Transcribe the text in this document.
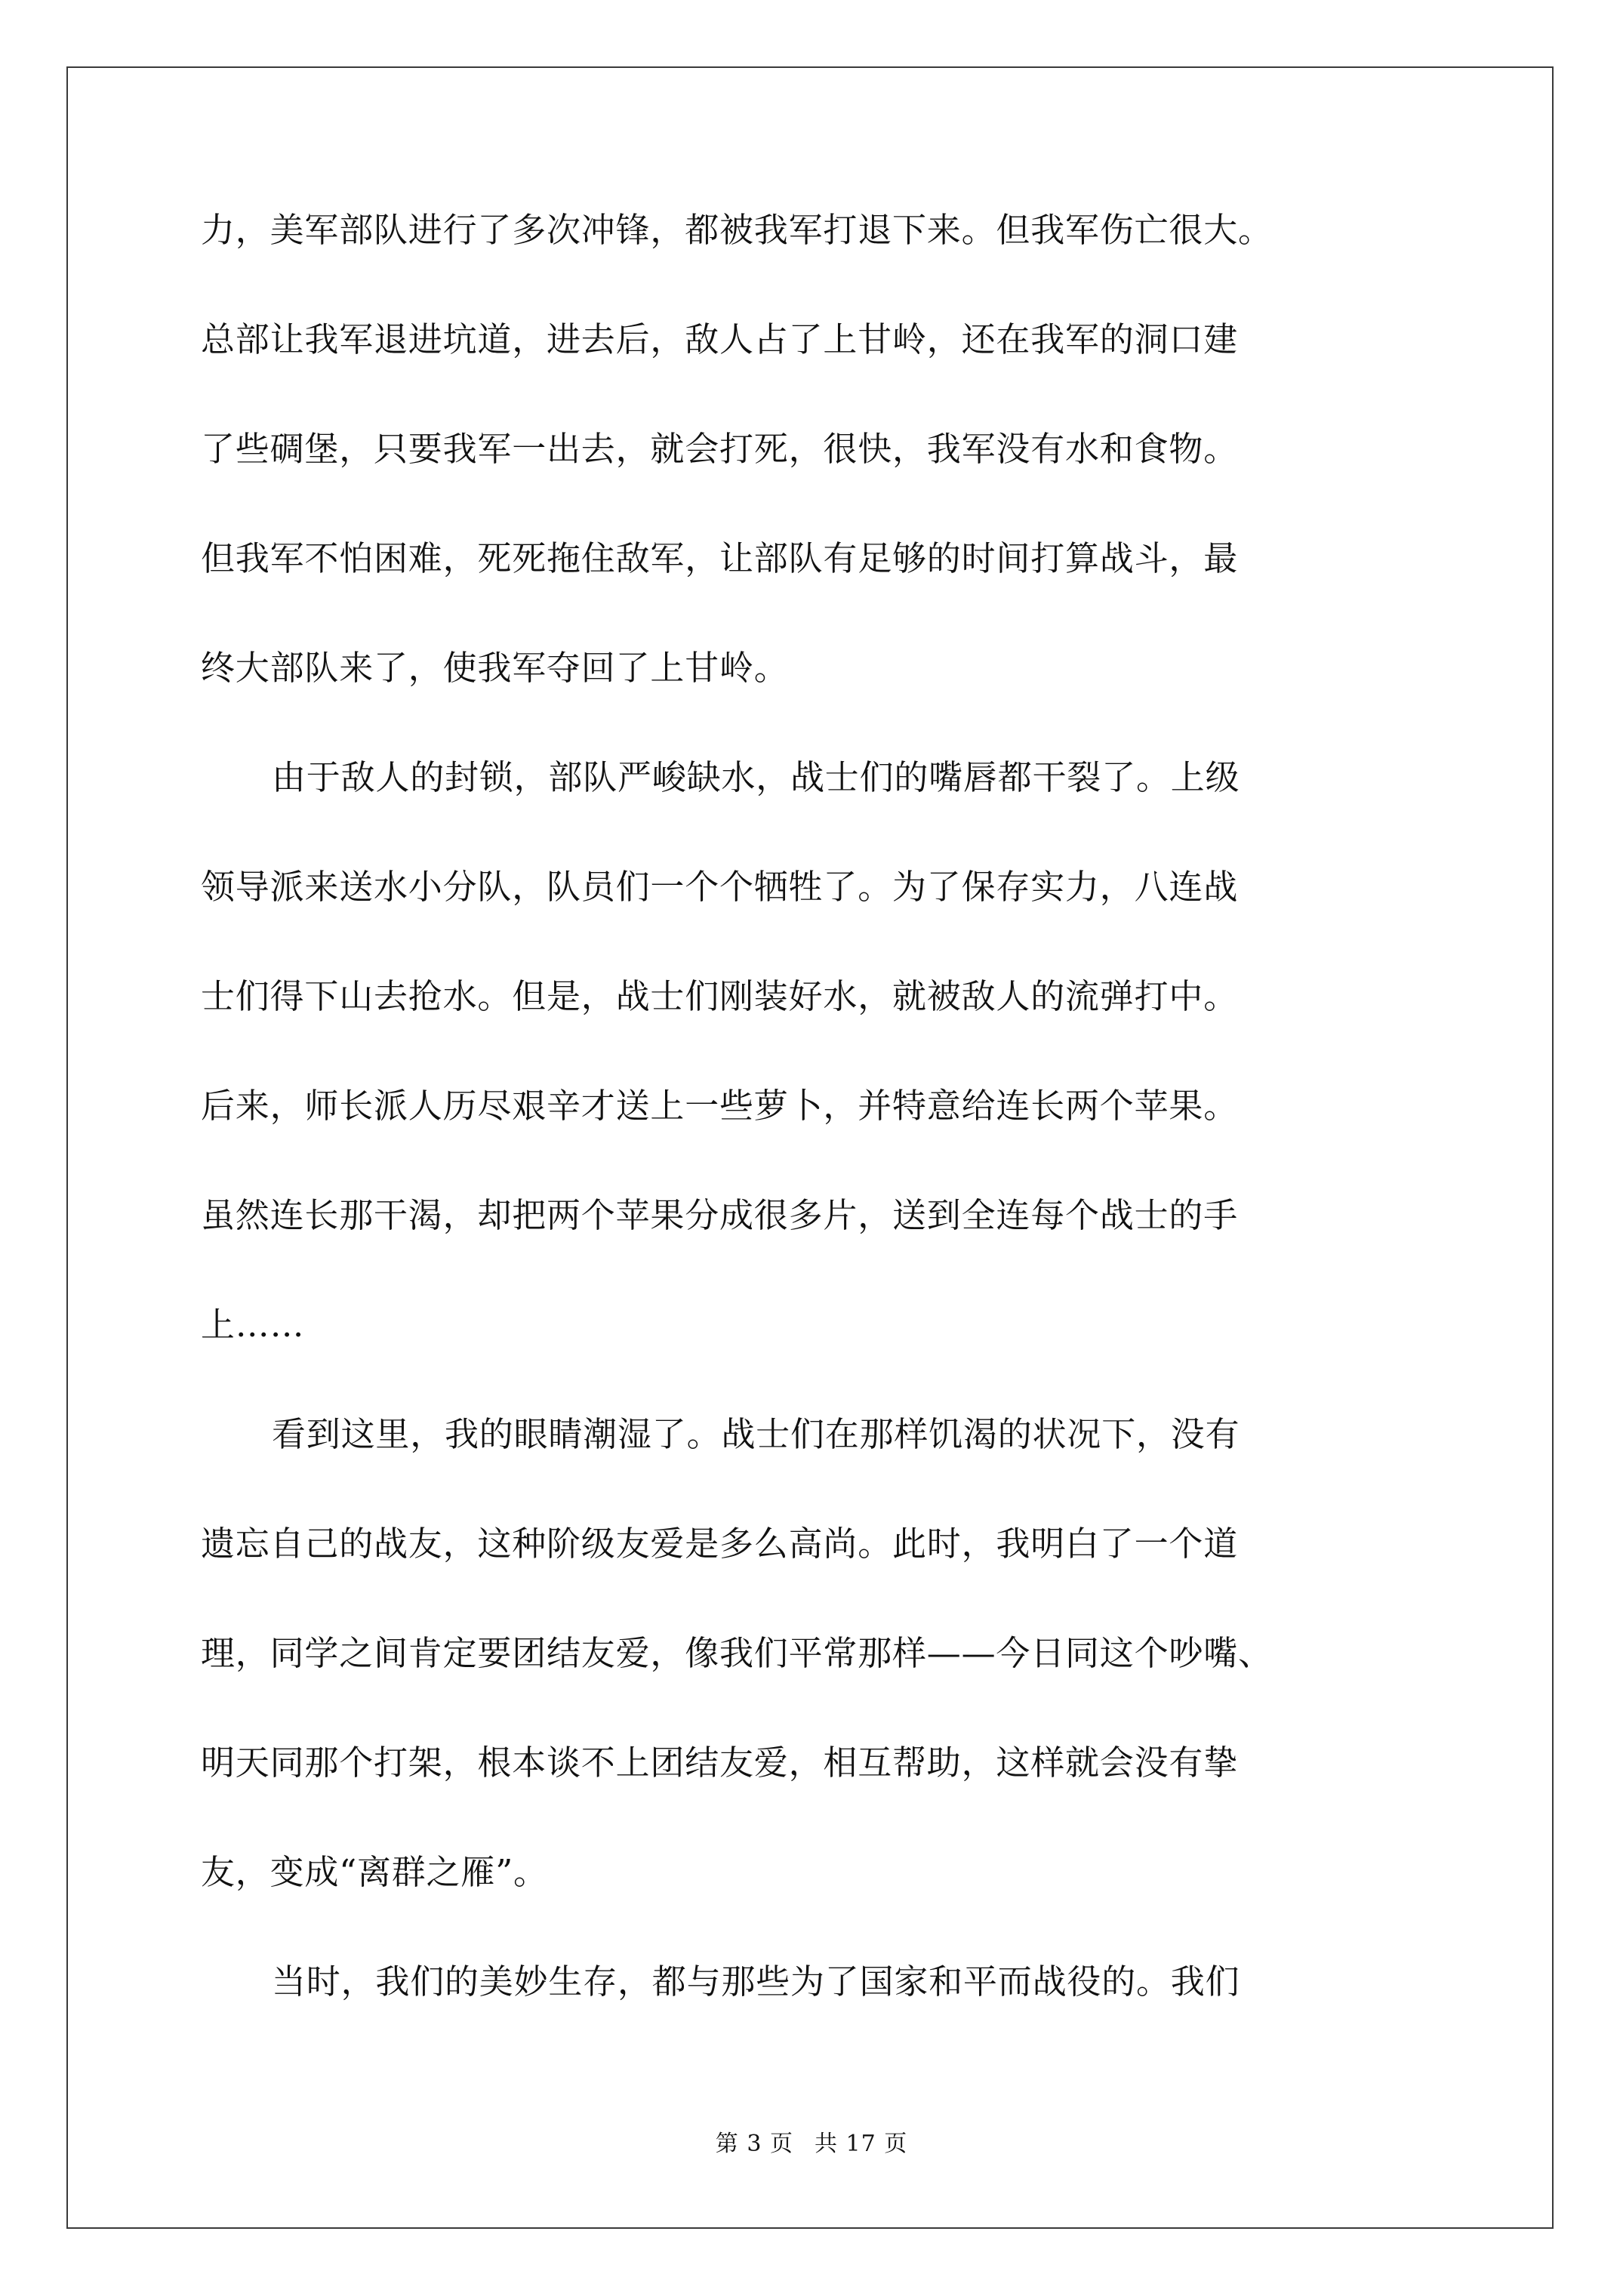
力，美军部队进行了多次冲锋，都被我军打退下来。但我军伤亡很大。
总部让我军退进坑道，进去后，敌人占了上甘岭，还在我军的洞口建
了些碉堡，只要我军一出去，就会打死，很快，我军没有水和食物。
但我军不怕困难，死死拖住敌军，让部队有足够的时间打算战斗，最
终大部队来了，使我军夺回了上甘岭。
由于敌人的封锁，部队严峻缺水，战士们的嘴唇都干裂了。上级
领导派来送水小分队，队员们一个个牺牲了。为了保存实力，八连战
士们得下山去抢水。但是，战士们刚装好水，就被敌人的流弹打中。
后来，师长派人历尽艰辛才送上一些萝卜，并特意给连长两个苹果。
虽然连长那干渴，却把两个苹果分成很多片，送到全连每个战士的手
上……
看到这里，我的眼睛潮湿了。战士们在那样饥渴的状况下，没有
遗忘自己的战友，这种阶级友爱是多么高尚。此时，我明白了一个道
理，同学之间肯定要团结友爱，像我们平常那样——今日同这个吵嘴、
明天同那个打架，根本谈不上团结友爱，相互帮助，这样就会没有挚
友，变成“离群之雁”。
当时，我们的美妙生存，都与那些为了国家和平而战役的。我们
第 3 页 共 17 页
